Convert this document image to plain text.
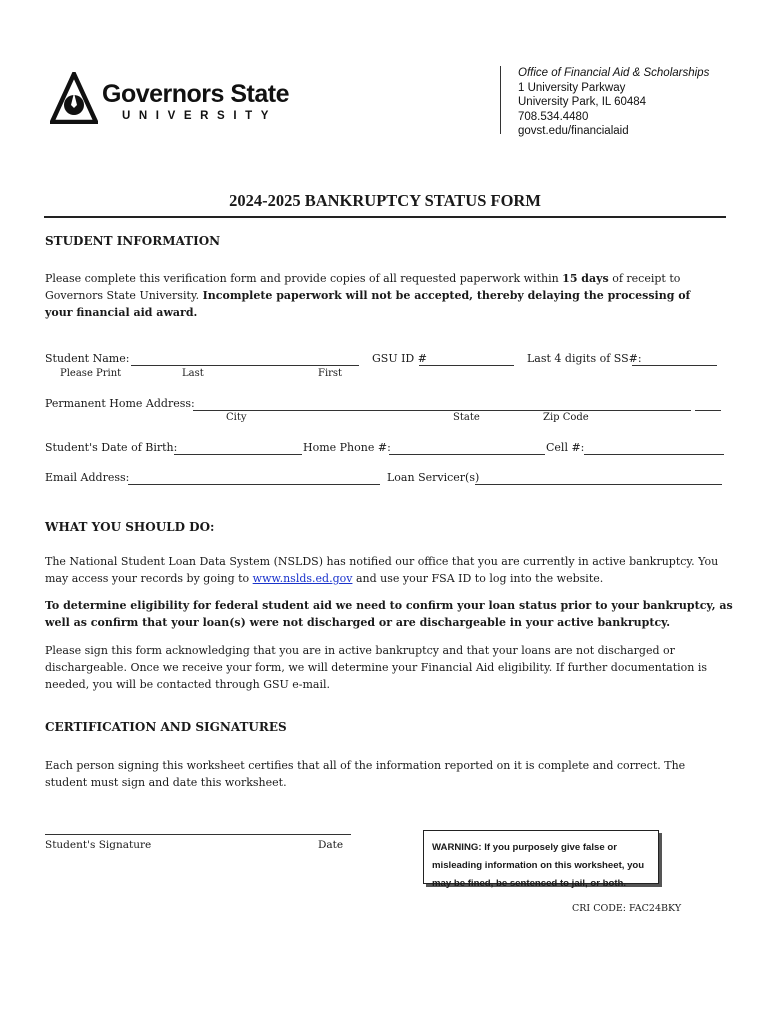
Governors State
UNIVERSITY
Office of Financial Aid & Scholarships
1 University Parkway
University Park, IL 60484
708.534.4480
govst.edu/financialaid
2024-2025 BANKRUPTCY STATUS FORM
STUDENT INFORMATION
Please complete this verification form and provide copies of all requested paperwork within 15 days of receipt to Governors State University. Incomplete paperwork will not be accepted, thereby delaying the processing of your financial aid award.
Student Name:	GSU ID #	Last 4 digits of SS#:
Please Print	Last	First
Permanent Home Address:
City	State	Zip Code
Student's Date of Birth:	Home Phone #:	Cell #:
Email Address:	Loan Servicer(s)
WHAT YOU SHOULD DO:
The National Student Loan Data System (NSLDS) has notified our office that you are currently in active bankruptcy. You may access your records by going to www.nslds.ed.gov and use your FSA ID to log into the website.
To determine eligibility for federal student aid we need to confirm your loan status prior to your bankruptcy, as well as confirm that your loan(s) were not discharged or are dischargeable in your active bankruptcy.
Please sign this form acknowledging that you are in active bankruptcy and that your loans are not discharged or dischargeable. Once we receive your form, we will determine your Financial Aid eligibility. If further documentation is needed, you will be contacted through GSU e-mail.
CERTIFICATION AND SIGNATURES
Each person signing this worksheet certifies that all of the information reported on it is complete and correct. The student must sign and date this worksheet.
Student's Signature	Date	WARNING: If you purposely give false or misleading information on this worksheet, you may be fined, be sentenced to jail, or both.
CRI CODE: FAC24BKY
